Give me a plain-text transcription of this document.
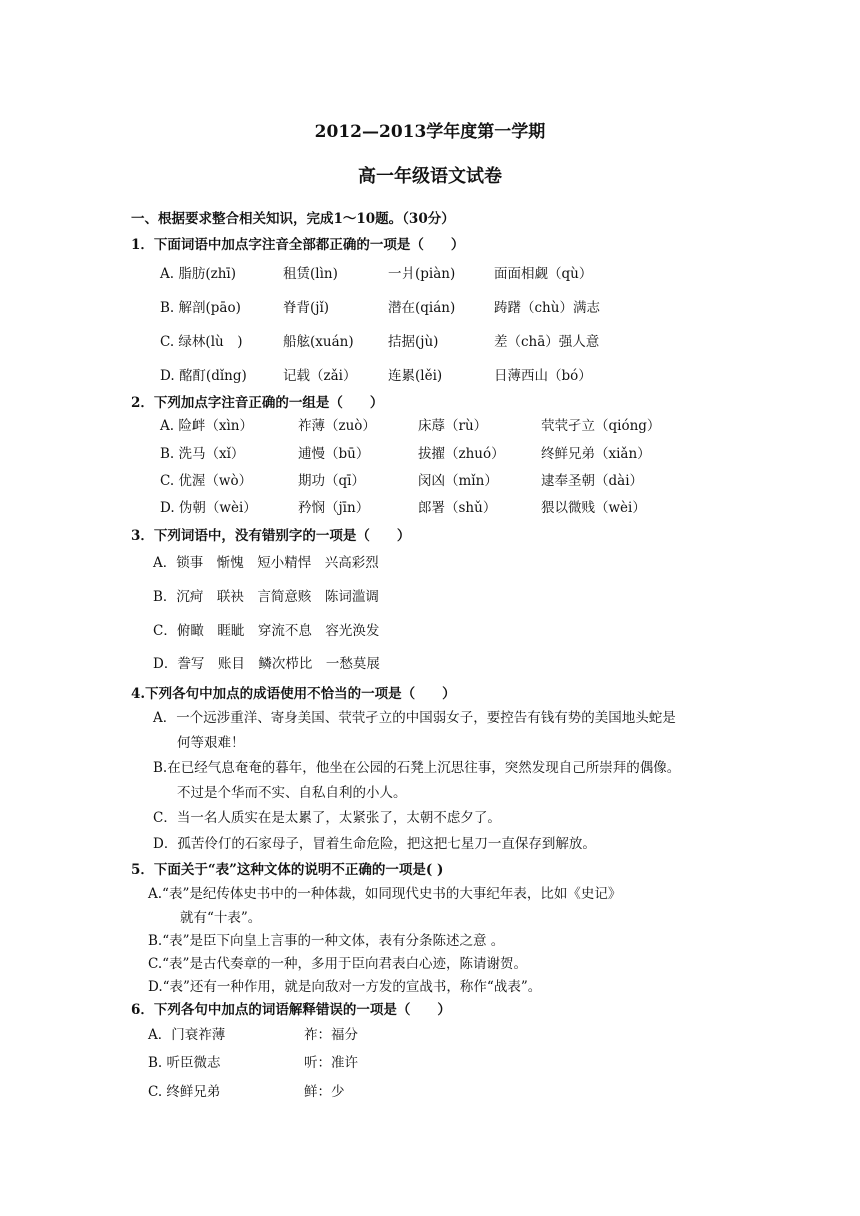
2012—2013学年度第一学期
高一年级语文试卷
一、根据要求整合相关知识，完成1～10题。（30分）
1．下面词语中加点字注音全部都正确的一项是（　　）
A. 脂肪(zhī)	租赁(lìn)	一爿(piàn)	面面相觑（qù）
B. 解剖(pāo)	脊背(jǐ)	潜在(qián)	踌躇（chù）满志
C. 绿林(lù　)	船舷(xuán)	拮据(jù)	差（chā）强人意
D. 酩酊(dǐng)	记载（zǎi） 连累(lěi)	日薄西山（bó）
2．下列加点字注音正确的一组是（　　）
A. 险衅（xìn）	祚薄（zuò）	床蓐（rù）	茕茕孑立（qióng）
B. 洗马（xǐ）	逋慢（bū）	拔擢（zhuó）	终鲜兄弟（xiǎn）
C. 优渥（wò）	期功（qī）	闵凶（mǐn）	逮奉圣朝（dài）
D. 伪朝（wèi）	矜悯（jīn）	郎署（shǔ）	猥以微贱（wèi）
3．下列词语中，没有错别字的一项是（　　）
A．锁事　惭愧　短小精悍　兴高彩烈
B．沉疴　联袂　言简意赅　陈词滥调
C．俯瞰　睚眦　穿流不息　容光涣发
D．誊写　账目　鳞次栉比　一愁莫展
4.下列各句中加点的成语使用不恰当的一项是（　　）
A．一个远涉重洋、寄身美国、茕茕孑立的中国弱女子，要控告有钱有势的美国地头蛇是
何等艰难！
B.在已经气息奄奄的暮年，他坐在公园的石凳上沉思往事，突然发现自己所崇拜的偶像。
不过是个华而不实、自私自利的小人。
C．当一名人质实在是太累了，太紧张了，太朝不虑夕了。
D．孤苦伶仃的石家母子，冒着生命危险，把这把七星刀一直保存到解放。
5．下面关于“表”这种文体的说明不正确的一项是( )
A.“表”是纪传体史书中的一种体裁，如同现代史书的大事纪年表，比如《史记》
就有“十表”。
B.“表”是臣下向皇上言事的一种文体，表有分条陈述之意 。
C.“表”是古代奏章的一种，多用于臣向君表白心迹，陈请谢贺。
D.“表”还有一种作用，就是向敌对一方发的宣战书，称作“战表”。
6．下列各句中加点的词语解释错误的一项是（　　）
A．门衰祚薄	祚：福分
B. 听臣微志	听：准许
C. 终鲜兄弟	鲜：少
